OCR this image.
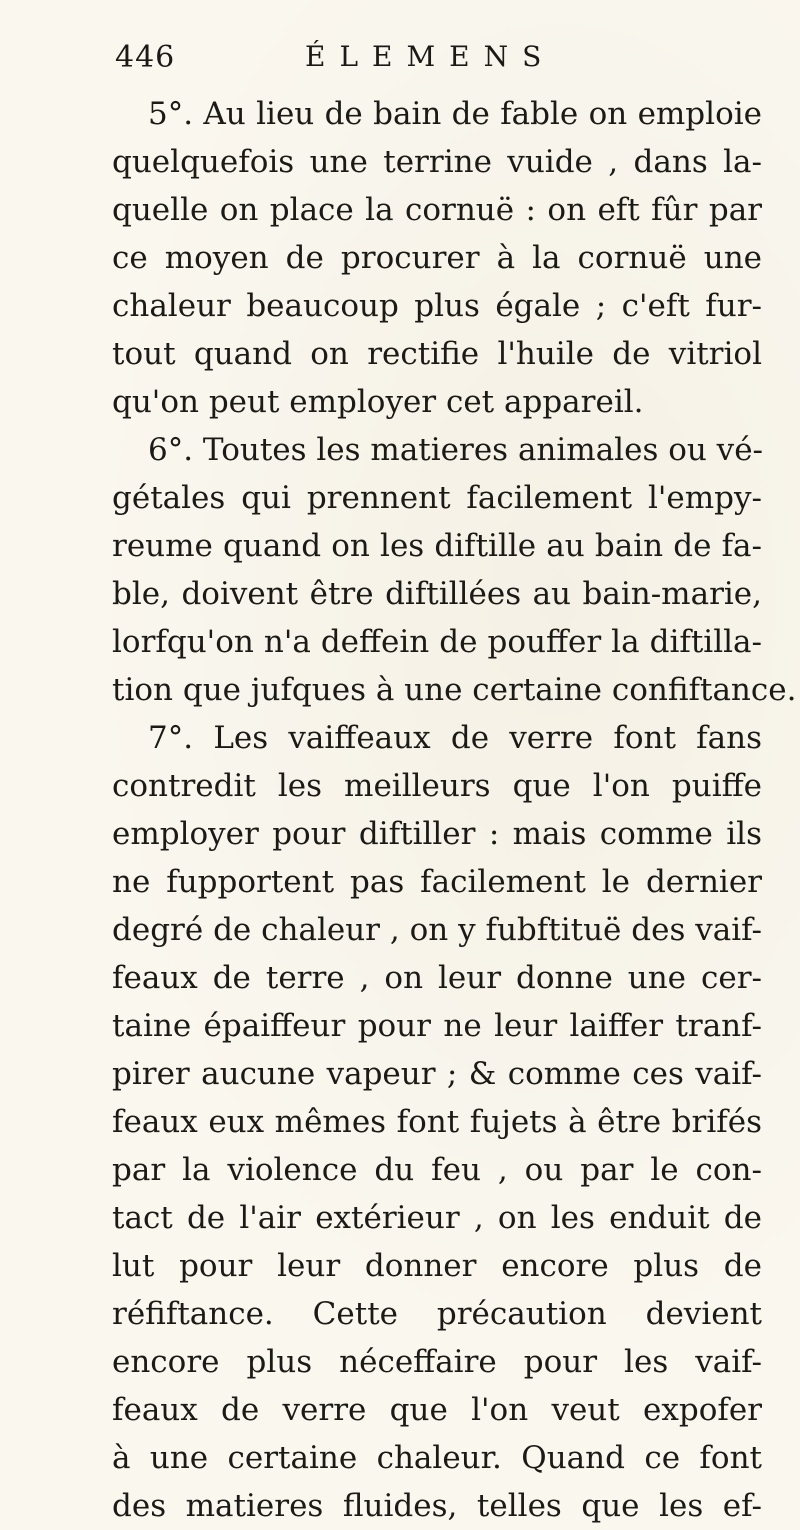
446	ÉLEMENS
5°. Au lieu de bain de fable on emploie
quelquefois une terrine vuide , dans la-
quelle on place la cornuë : on eft fûr par
ce moyen de procurer à la cornuë une
chaleur beaucoup plus égale ; c'eft fur-
tout quand on rectifie l'huile de vitriol
qu'on peut employer cet appareil.
6°. Toutes les matieres animales ou vé-
gétales qui prennent facilement l'empy-
reume quand on les diftille au bain de fa-
ble, doivent être diftillées au bain-marie,
lorfqu'on n'a deffein de pouffer la diftilla-
tion que jufques à une certaine confiftance.
7°. Les vaiffeaux de verre font fans
contredit les meilleurs que l'on puiffe
employer pour diftiller : mais comme ils
ne fupportent pas facilement le dernier
degré de chaleur , on y fubftituë des vaif-
feaux de terre , on leur donne une cer-
taine épaiffeur pour ne leur laiffer tranf-
pirer aucune vapeur ; & comme ces vaif-
feaux eux mêmes font fujets à être brifés
par la violence du feu , ou par le con-
tact de l'air extérieur , on les enduit de
lut pour leur donner encore plus de
réfiftance. Cette précaution devient
encore plus néceffaire pour les vaif-
feaux de verre que l'on veut expofer
à une certaine chaleur. Quand ce font
des matieres fluides, telles que les ef-
